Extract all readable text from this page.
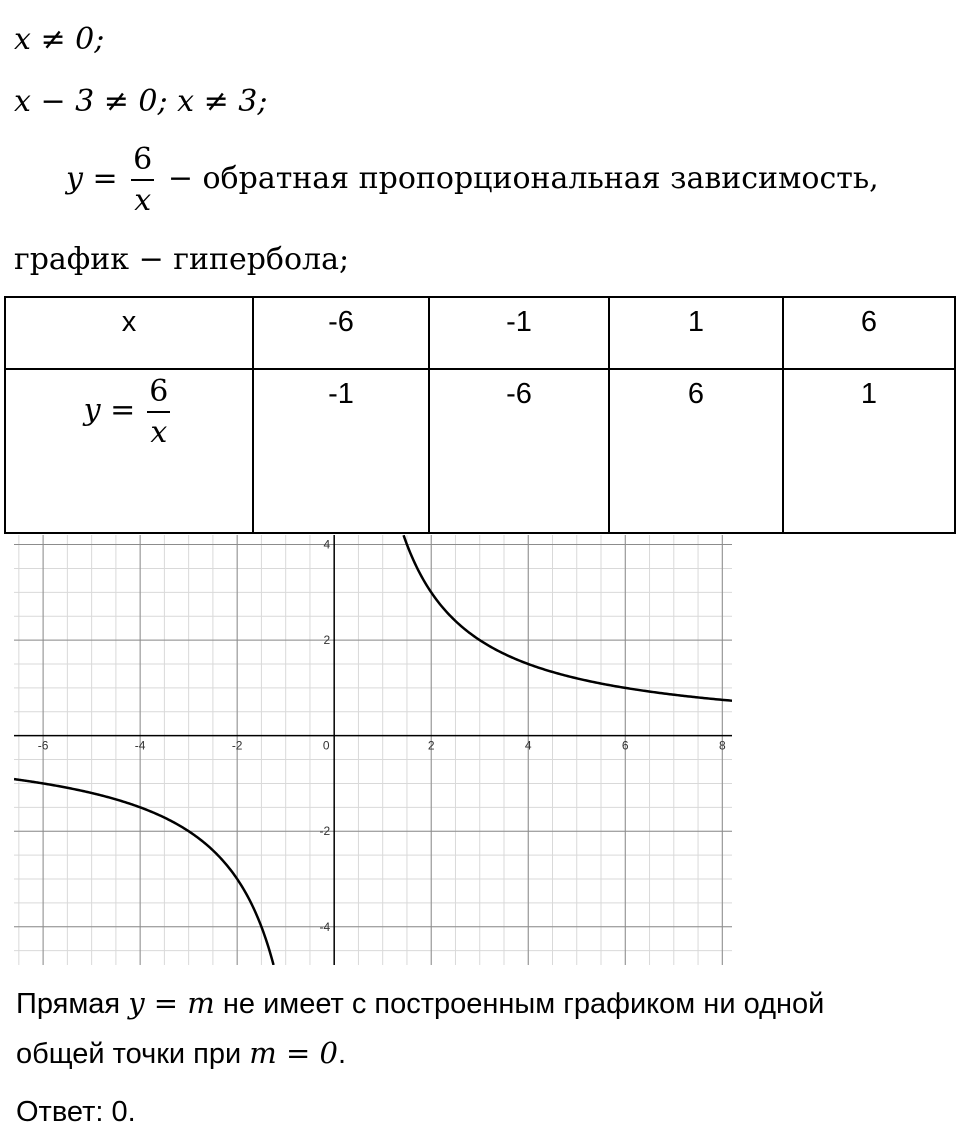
x ≠ 0;
x − 3 ≠ 0; x ≠ 3;
$y = \frac{6}{x}$ − обратная пропорциональная зависимость,
график − гипербола;
x	-6	-1	1	6
$y = \frac{6}{x}$	-1	-6	6	1
-6	-4	-2	0	2	4	6	8
4
2
-2
-4
Прямая y = m не имеет с построенным графиком ни одной
общей точки при m = 0.
Ответ: 0.
